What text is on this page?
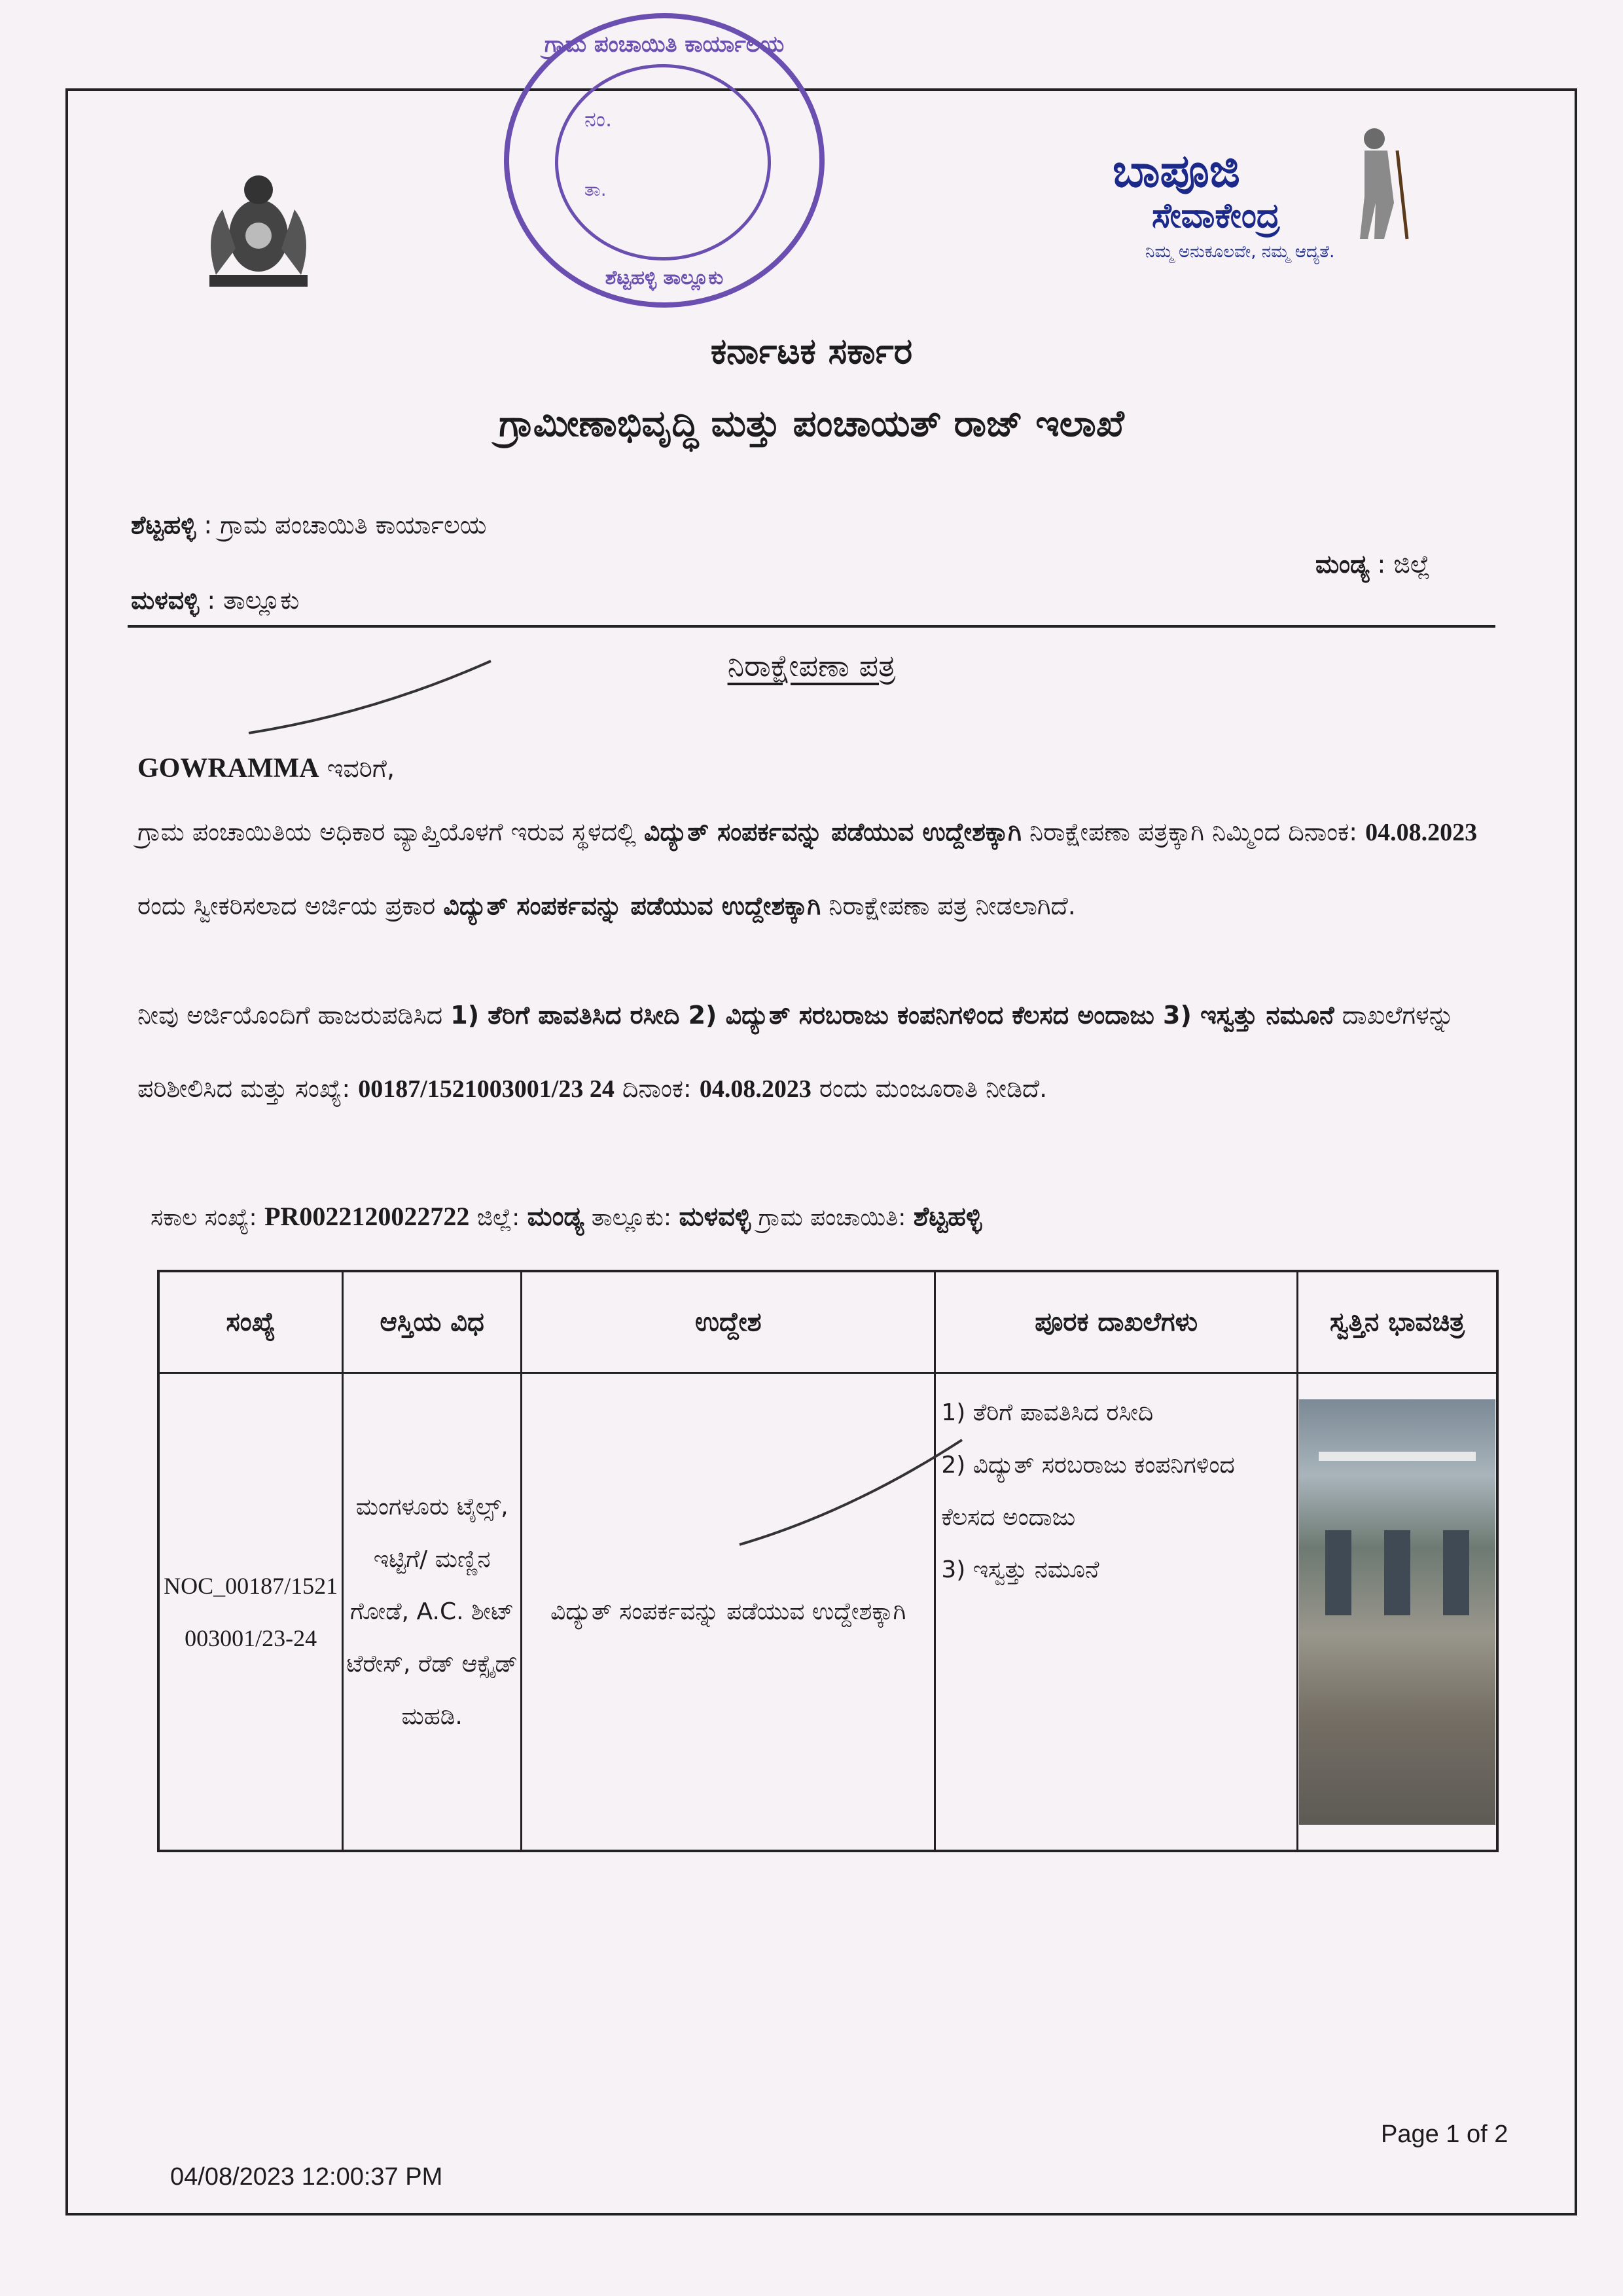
ಗ್ರಾಮ ಪಂಚಾಯಿತಿ ಕಾರ್ಯಾಲಯ
ನಂ.
ತಾ.
ಶೆಟ್ಟಹಳ್ಳಿ ತಾಲ್ಲೂಕು
ಬಾಪೂಜಿ
ಸೇವಾಕೇಂದ್ರ
ನಿಮ್ಮ ಅನುಕೂಲವೇ, ನಮ್ಮ ಆದ್ಯತೆ.
ಕರ್ನಾಟಕ ಸರ್ಕಾರ
ಗ್ರಾಮೀಣಾಭಿವೃದ್ಧಿ ಮತ್ತು ಪಂಚಾಯತ್ ರಾಜ್ ಇಲಾಖೆ
ಶೆಟ್ಟಹಳ್ಳಿ : ಗ್ರಾಮ ಪಂಚಾಯಿತಿ ಕಾರ್ಯಾಲಯ
ಮಳವಳ್ಳಿ : ತಾಲ್ಲೂಕು
ಮಂಡ್ಯ : ಜಿಲ್ಲೆ
ನಿರಾಕ್ಷೇಪಣಾ ಪತ್ರ
GOWRAMMA ಇವರಿಗೆ,
ಗ್ರಾಮ ಪಂಚಾಯಿತಿಯ ಅಧಿಕಾರ ವ್ಯಾಪ್ತಿಯೊಳಗೆ ಇರುವ ಸ್ಥಳದಲ್ಲಿ ವಿದ್ಯುತ್ ಸಂಪರ್ಕವನ್ನು ಪಡೆಯುವ ಉದ್ದೇಶಕ್ಕಾಗಿ ನಿರಾಕ್ಷೇಪಣಾ ಪತ್ರಕ್ಕಾಗಿ ನಿಮ್ಮಿಂದ ದಿನಾಂಕ: 04.08.2023 ರಂದು ಸ್ವೀಕರಿಸಲಾದ ಅರ್ಜಿಯ ಪ್ರಕಾರ ವಿದ್ಯುತ್ ಸಂಪರ್ಕವನ್ನು ಪಡೆಯುವ ಉದ್ದೇಶಕ್ಕಾಗಿ ನಿರಾಕ್ಷೇಪಣಾ ಪತ್ರ ನೀಡಲಾಗಿದೆ.
ನೀವು ಅರ್ಜಿಯೊಂದಿಗೆ ಹಾಜರುಪಡಿಸಿದ 1) ತೆರಿಗೆ ಪಾವತಿಸಿದ ರಸೀದಿ 2) ವಿದ್ಯುತ್ ಸರಬರಾಜು ಕಂಪನಿಗಳಿಂದ ಕೆಲಸದ ಅಂದಾಜು 3) ಇಸ್ವತ್ತು ನಮೂನೆ ದಾಖಲೆಗಳನ್ನು ಪರಿಶೀಲಿಸಿದ ಮತ್ತು ಸಂಖ್ಯೆ: 00187/1521003001/23 24 ದಿನಾಂಕ: 04.08.2023 ರಂದು ಮಂಜೂರಾತಿ ನೀಡಿದೆ.
ಸಕಾಲ ಸಂಖ್ಯೆ: PR0022120022722 ಜಿಲ್ಲೆ: ಮಂಡ್ಯ ತಾಲ್ಲೂಕು: ಮಳವಳ್ಳಿ ಗ್ರಾಮ ಪಂಚಾಯಿತಿ: ಶೆಟ್ಟಹಳ್ಳಿ
ಸಂಖ್ಯೆ	ಆಸ್ತಿಯ ವಿಧ	ಉದ್ದೇಶ	ಪೂರಕ ದಾಖಲೆಗಳು	ಸ್ವತ್ತಿನ ಭಾವಚಿತ್ರ
NOC_00187/1521003001/23-24	ಮಂಗಳೂರು ಟೈಲ್ಸ್, ಇಟ್ಟಿಗೆ/ ಮಣ್ಣಿನ ಗೋಡೆ, A.C. ಶೀಟ್ ಟೆರೇಸ್, ರೆಡ್ ಆಕ್ಸೈಡ್ ಮಹಡಿ.	ವಿದ್ಯುತ್ ಸಂಪರ್ಕವನ್ನು ಪಡೆಯುವ ಉದ್ದೇಶಕ್ಕಾಗಿ	1) ತೆರಿಗೆ ಪಾವತಿಸಿದ ರಸೀದಿ
2) ವಿದ್ಯುತ್ ಸರಬರಾಜು ಕಂಪನಿಗಳಿಂದ ಕೆಲಸದ ಅಂದಾಜು
3) ಇಸ್ವತ್ತು ನಮೂನೆ	

Page 1 of 2
04/08/2023 12:00:37 PM
